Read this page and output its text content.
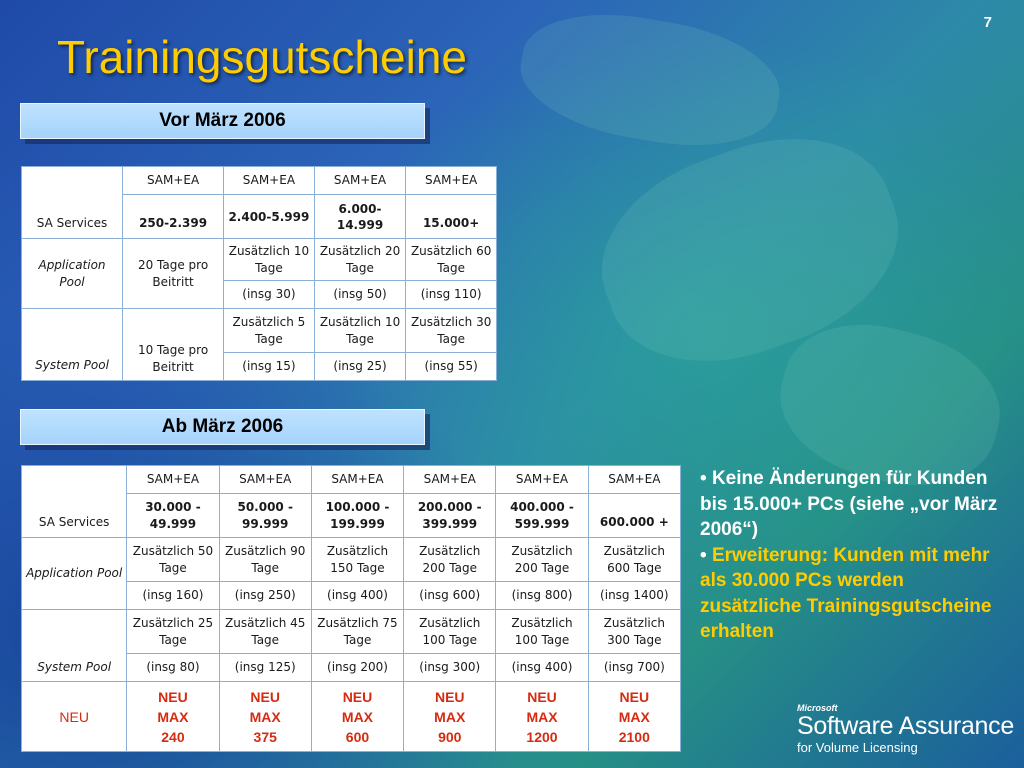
7
Trainingsgutscheine
Vor März 2006
SA Services	SAM+EA	SAM+EA	SAM+EA	SAM+EA
	250-2.399	2.400-5.999	6.000-14.999	15.000+
Application Pool	20 Tage pro Beitritt	Zusätzlich 10 Tage	Zusätzlich 20 Tage	Zusätzlich 60 Tage
		(insg 30)	(insg 50)	(insg 110)
System Pool	10 Tage pro Beitritt	Zusätzlich 5 Tage	Zusätzlich 10 Tage	Zusätzlich 30 Tage
		(insg 15)	(insg 25)	(insg 55)
Ab März 2006
SA Services	SAM+EA	SAM+EA	SAM+EA	SAM+EA	SAM+EA	SAM+EA
	30.000 - 49.999	50.000 - 99.999	100.000 - 199.999	200.000 - 399.999	400.000 - 599.999	600.000 +
Application Pool	Zusätzlich 50 Tage	Zusätzlich 90 Tage	Zusätzlich 150 Tage	Zusätzlich 200 Tage	Zusätzlich 200 Tage	Zusätzlich 600 Tage
	(insg 160)	(insg 250)	(insg 400)	(insg 600)	(insg 800)	(insg 1400)
System Pool	Zusätzlich 25 Tage	Zusätzlich 45 Tage	Zusätzlich 75 Tage	Zusätzlich 100 Tage	Zusätzlich 100 Tage	Zusätzlich 300 Tage
	(insg 80)	(insg 125)	(insg 200)	(insg 300)	(insg 400)	(insg 700)
NEU	NEU
MAX
240	NEU
MAX
375	NEU
MAX
600	NEU
MAX
900	NEU
MAX
1200	NEU
MAX
2100
• Keine Änderungen für Kunden bis 15.000+ PCs (siehe „vor März 2006“)
• Erweiterung: Kunden mit mehr als 30.000 PCs werden zusätzliche Trainingsgutscheine erhalten
Microsoft
Software Assurance
for Volume Licensing
